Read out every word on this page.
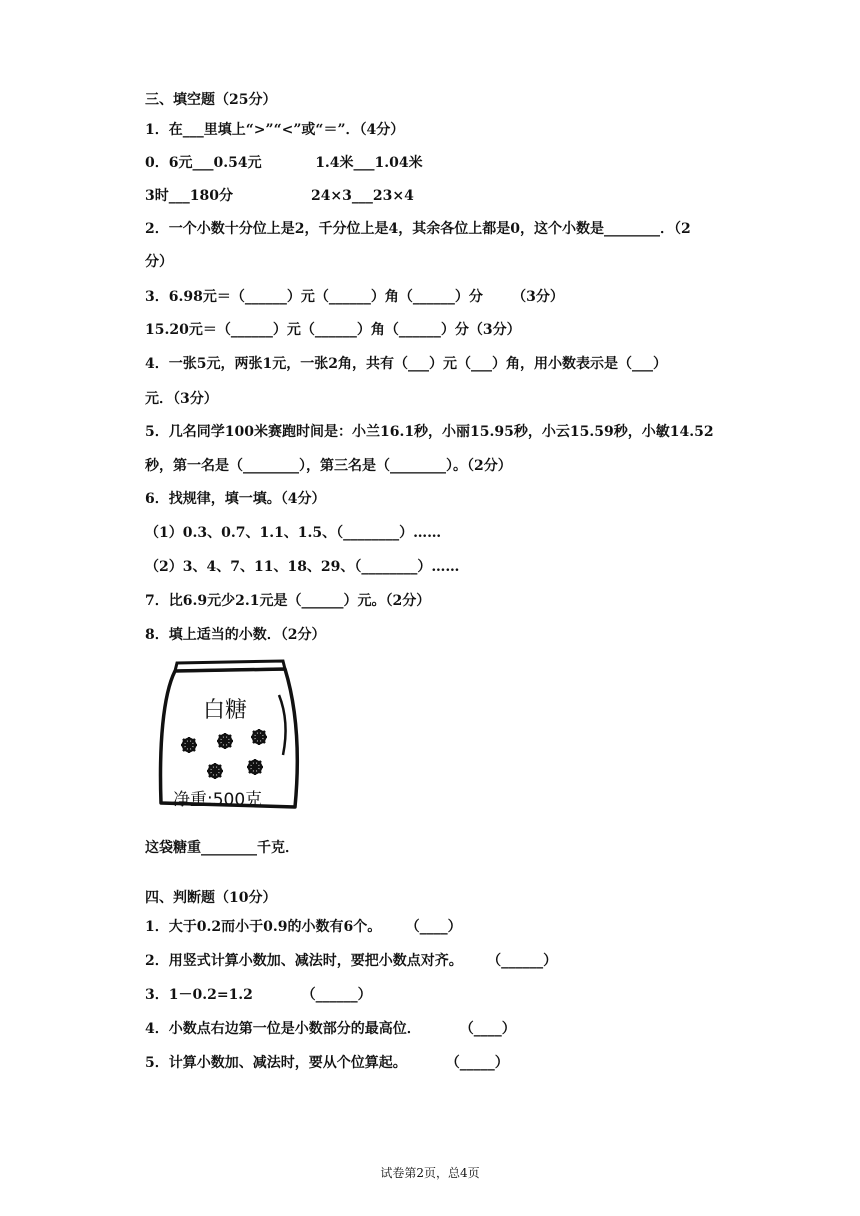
三、填空题（25分）
1．在___里填上“>”“<”或“＝”．（4分）
0．6元___0.54元           1.4米___1.04米
3时___180分                24×3___23×4
2．一个小数十分位上是2，千分位上是4，其余各位上都是0，这个小数是________．（2
分）
3．6.98元＝（______）元（______）角（______）分      （3分）
15.20元＝（______）元（______）角（______）分（3分）
4．一张5元，两张1元，一张2角，共有（___）元（___）角，用小数表示是（___）
元．（3分）
5．几名同学100米赛跑时间是：小兰16.1秒，小丽15.95秒，小云15.59秒，小敏14.52
秒，第一名是（________），第三名是（________）。（2分）
6．找规律，填一填。（4分）
（1）0.3、0.7、1.1、1.5、（________）……
（2）3、4、7、11、18、29、（________）……
7．比6.9元少2.1元是（______）元。（2分）
8．填上适当的小数．（2分）
白糖
净重:500克
这袋糖重________千克．
四、判断题（10分）
1．大于0.2而小于0.9的小数有6个。     （____）
2．用竖式计算小数加、减法时，要把小数点对齐。     （______）
3．1－0.2=1.2          （______）
4．小数点右边第一位是小数部分的最高位．        （____）
5．计算小数加、减法时，要从个位算起。        （_____）
试卷第2页，总4页
